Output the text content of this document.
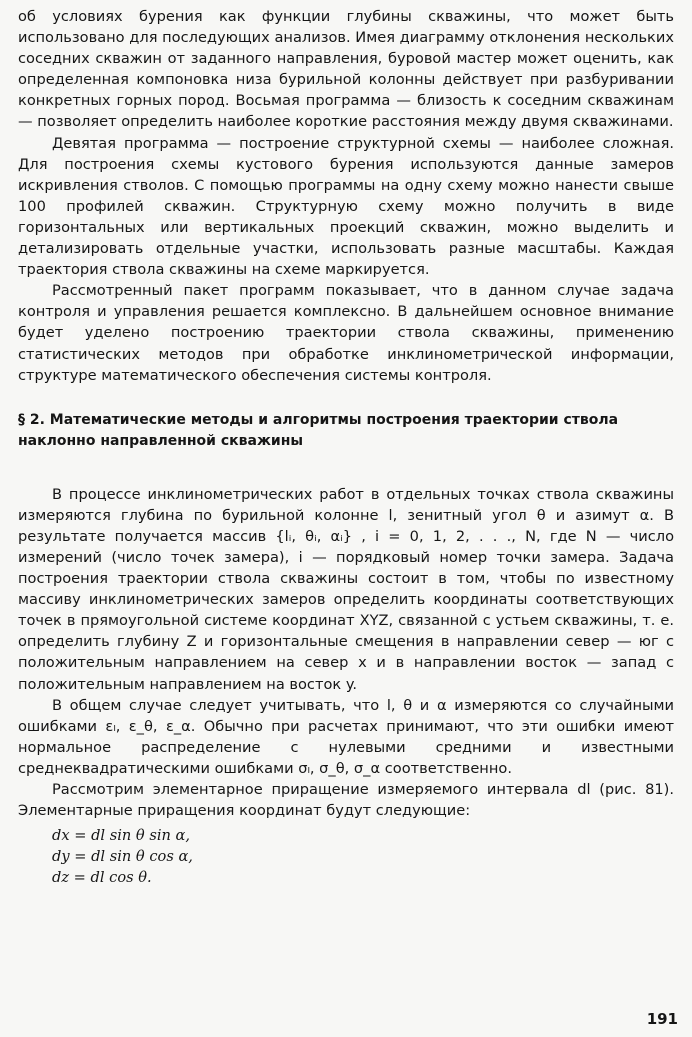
об условиях бурения как функции глубины скважины, что может быть использовано для последующих анализов. Имея диаграмму отклонения нескольких соседних скважин от заданного направления, буровой мастер может оценить, как определенная компоновка низа бурильной колонны действует при разбуривании конкретных горных пород. Восьмая программа — близость к соседним скважинам — позволяет определить наиболее короткие расстояния между двумя скважинами.

Девятая программа — построение структурной схемы — наиболее сложная. Для построения схемы кустового бурения используются данные замеров искривления стволов. С помощью программы на одну схему можно нанести свыше 100 профилей скважин. Структурную схему можно получить в виде горизонтальных или вертикальных проекций скважин, можно выделить и детализировать отдельные участки, использовать разные масштабы. Каждая траектория ствола скважины на схеме маркируется.

Рассмотренный пакет программ показывает, что в данном случае задача контроля и управления решается комплексно. В дальнейшем основное внимание будет уделено построению траектории ствола скважины, применению статистических методов при обработке инклинометрической информации, структуре математического обеспечения системы контроля.

§ 2. Математические методы и алгоритмы построения траектории ствола наклонно направленной скважины

В процессе инклинометрических работ в отдельных точках ствола скважины измеряются глубина по бурильной колонне l, зенитный угол θ и азимут α. В результате получается массив {lᵢ, θᵢ, αᵢ} , i = 0, 1, 2, . . ., N, где N — число измерений (число точек замера), i — порядковый номер точки замера. Задача построения траектории ствола скважины состоит в том, чтобы по известному массиву инклинометрических замеров определить координаты соответствующих точек в прямоугольной системе координат XYZ, связанной с устьем скважины, т. е. определить глубину Z и горизонтальные смещения в направлении север — юг с положительным направлением на север x и в направлении восток — запад с положительным направлением на восток y.

В общем случае следует учитывать, что l, θ и α измеряются со случайными ошибками εₗ, ε_θ, ε_α. Обычно при расчетах принимают, что эти ошибки имеют нормальное распределение с нулевыми средними и известными среднеквадратическими ошибками σₗ, σ_θ, σ_α соответственно.

Рассмотрим элементарное приращение измеряемого интервала dl (рис. 81). Элементарные приращения координат будут следующие:

dx = dl sin θ sin α,
dy = dl sin θ cos α,
dz = dl cos θ.
191
